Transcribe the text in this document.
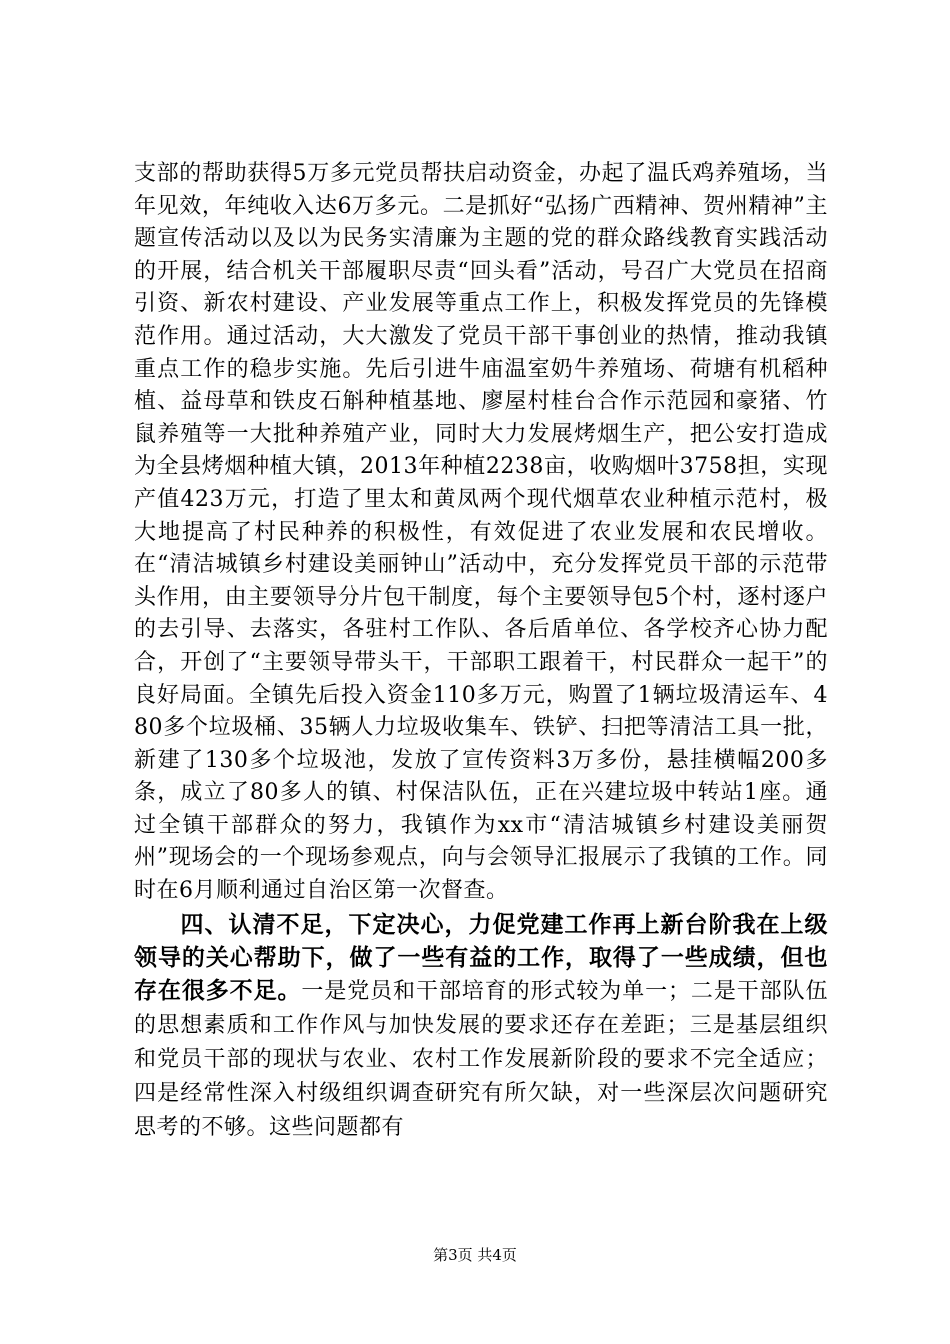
支部的帮助获得5万多元党员帮扶启动资金，办起了温氏鸡养殖场，当年见效，年纯收入达6万多元。二是抓好“弘扬广西精神、贺州精神”主题宣传活动以及以为民务实清廉为主题的党的群众路线教育实践活动的开展，结合机关干部履职尽责“回头看”活动，号召广大党员在招商引资、新农村建设、产业发展等重点工作上，积极发挥党员的先锋模范作用。通过活动，大大激发了党员干部干事创业的热情，推动我镇重点工作的稳步实施。先后引进牛庙温室奶牛养殖场、荷塘有机稻种植、益母草和铁皮石斛种植基地、廖屋村桂台合作示范园和豪猪、竹鼠养殖等一大批种养殖产业，同时大力发展烤烟生产，把公安打造成为全县烤烟种植大镇，2013年种植2238亩，收购烟叶3758担，实现产值423万元，打造了里太和黄凤两个现代烟草农业种植示范村，极大地提高了村民种养的积极性，有效促进了农业发展和农民增收。在“清洁城镇乡村建设美丽钟山”活动中，充分发挥党员干部的示范带头作用，由主要领导分片包干制度，每个主要领导包5个村，逐村逐户的去引导、去落实，各驻村工作队、各后盾单位、各学校齐心协力配合，开创了“主要领导带头干，干部职工跟着干，村民群众一起干”的良好局面。全镇先后投入资金110多万元，购置了1辆垃圾清运车、480多个垃圾桶、35辆人力垃圾收集车、铁铲、扫把等清洁工具一批，新建了130多个垃圾池，发放了宣传资料3万多份，悬挂横幅200多条，成立了80多人的镇、村保洁队伍，正在兴建垃圾中转站1座。通过全镇干部群众的努力，我镇作为xx市“清洁城镇乡村建设美丽贺州”现场会的一个现场参观点，向与会领导汇报展示了我镇的工作。同时在6月顺利通过自治区第一次督查。

四、认清不足，下定决心，力促党建工作再上新台阶我在上级领导的关心帮助下，做了一些有益的工作，取得了一些成绩，但也存在很多不足。一是党员和干部培育的形式较为单一；二是干部队伍的思想素质和工作作风与加快发展的要求还存在差距；三是基层组织和党员干部的现状与农业、农村工作发展新阶段的要求不完全适应；四是经常性深入村级组织调查研究有所欠缺，对一些深层次问题研究思考的不够。这些问题都有

第3页 共4页
